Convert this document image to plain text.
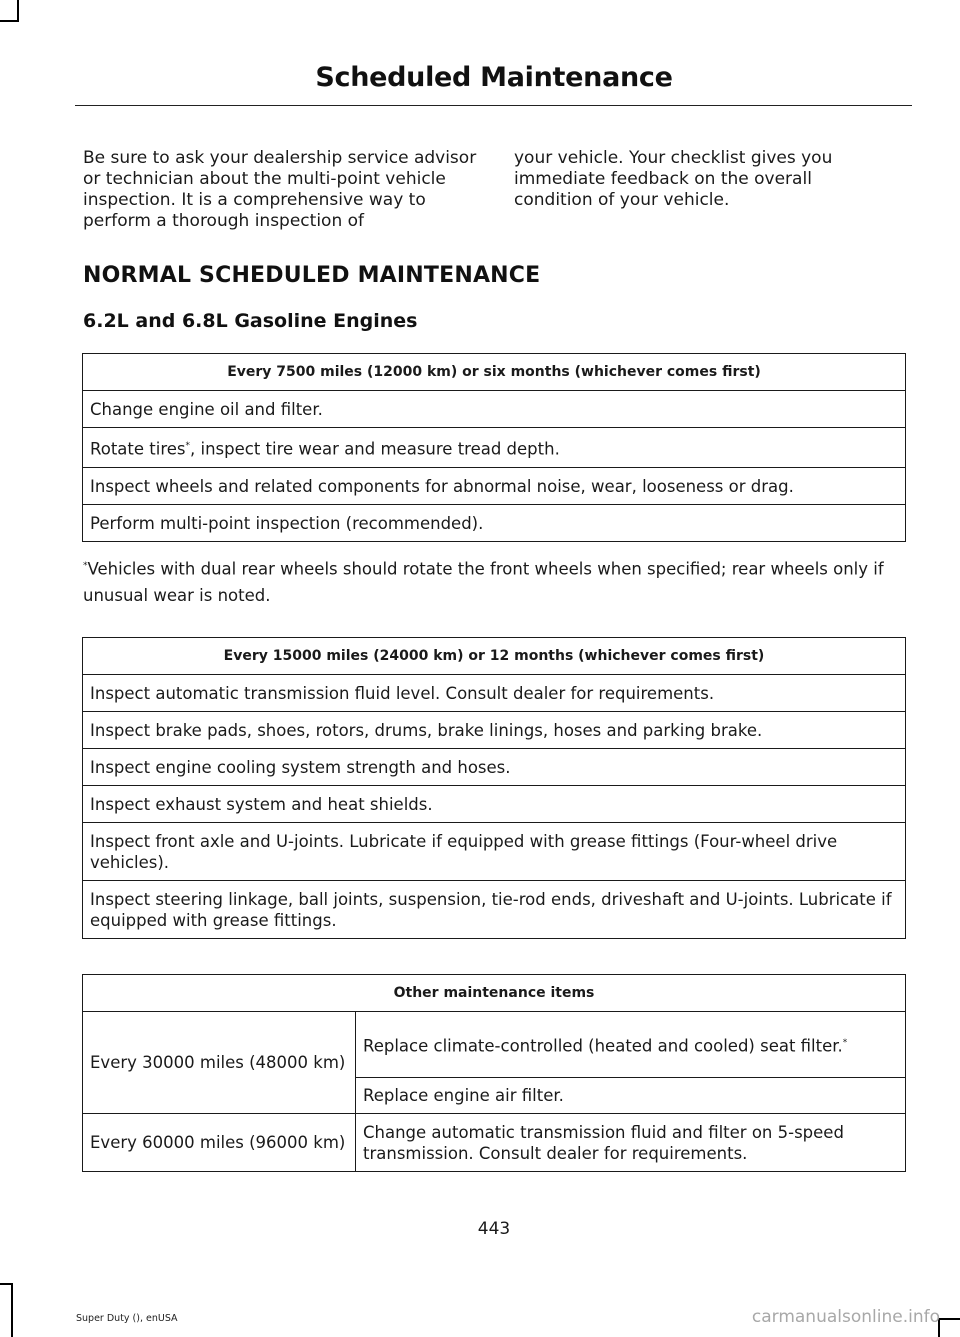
Scheduled Maintenance
Be sure to ask your dealership service advisor or technician about the multi-point vehicle inspection. It is a comprehensive way to perform a thorough inspection of
your vehicle. Your checklist gives you immediate feedback on the overall condition of your vehicle.
NORMAL SCHEDULED MAINTENANCE
6.2L and 6.8L Gasoline Engines
Every 7500 miles (12000 km) or six months (whichever comes first)
Change engine oil and filter.
Rotate tires*, inspect tire wear and measure tread depth.
Inspect wheels and related components for abnormal noise, wear, looseness or drag.
Perform multi-point inspection (recommended).
*Vehicles with dual rear wheels should rotate the front wheels when specified; rear wheels only if unusual wear is noted.
Every 15000 miles (24000 km) or 12 months (whichever comes first)
Inspect automatic transmission fluid level. Consult dealer for requirements.
Inspect brake pads, shoes, rotors, drums, brake linings, hoses and parking brake.
Inspect engine cooling system strength and hoses.
Inspect exhaust system and heat shields.
Inspect front axle and U-joints. Lubricate if equipped with grease fittings (Four-wheel drive vehicles).
Inspect steering linkage, ball joints, suspension, tie-rod ends, driveshaft and U-joints. Lubricate if equipped with grease fittings.
Other maintenance items	
Every 30000 miles (48000 km)	Replace climate-controlled (heated and cooled) seat filter.*
	Replace engine air filter.
Every 60000 miles (96000 km)	Change automatic transmission fluid and filter on 5-speed transmission. Consult dealer for requirements.
443
Super Duty (), enUSA	carmanualsonline.info
